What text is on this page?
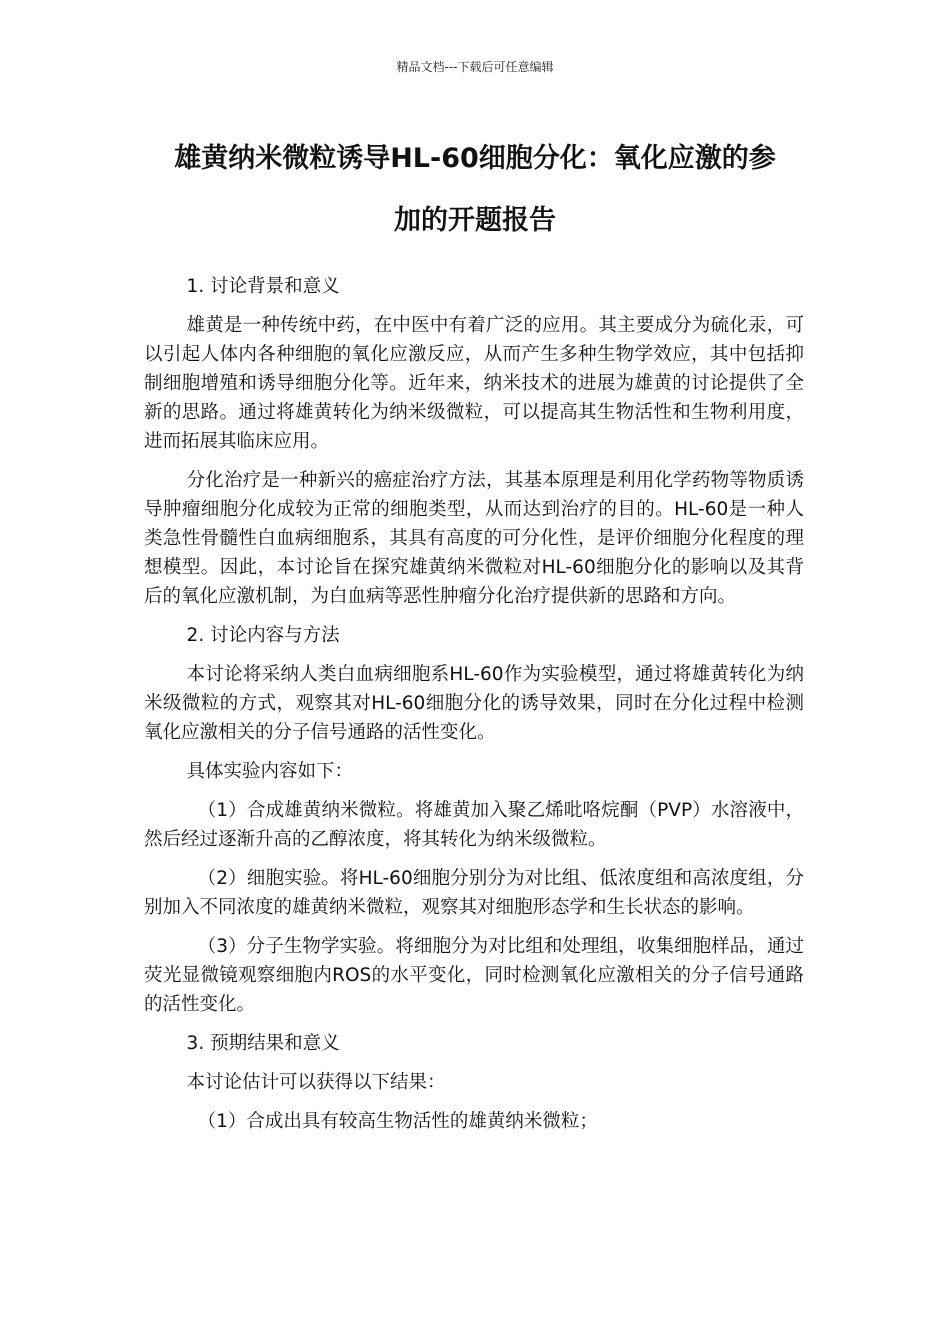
精品文档---下载后可任意编辑
雄黄纳米微粒诱导HL-60细胞分化：氧化应激的参
加的开题报告

1. 讨论背景和意义

雄黄是一种传统中药，在中医中有着广泛的应用。其主要成分为硫化汞，可以引起人体内各种细胞的氧化应激反应，从而产生多种生物学效应，其中包括抑制细胞增殖和诱导细胞分化等。近年来，纳米技术的进展为雄黄的讨论提供了全新的思路。通过将雄黄转化为纳米级微粒，可以提高其生物活性和生物利用度，进而拓展其临床应用。

分化治疗是一种新兴的癌症治疗方法，其基本原理是利用化学药物等物质诱导肿瘤细胞分化成较为正常的细胞类型，从而达到治疗的目的。HL-60是一种人类急性骨髓性白血病细胞系，其具有高度的可分化性，是评价细胞分化程度的理想模型。因此，本讨论旨在探究雄黄纳米微粒对HL-60细胞分化的影响以及其背后的氧化应激机制，为白血病等恶性肿瘤分化治疗提供新的思路和方向。

2. 讨论内容与方法

本讨论将采纳人类白血病细胞系HL-60作为实验模型，通过将雄黄转化为纳米级微粒的方式，观察其对HL-60细胞分化的诱导效果，同时在分化过程中检测氧化应激相关的分子信号通路的活性变化。

具体实验内容如下：

（1）合成雄黄纳米微粒。将雄黄加入聚乙烯吡咯烷酮（PVP）水溶液中，然后经过逐渐升高的乙醇浓度，将其转化为纳米级微粒。

（2）细胞实验。将HL-60细胞分别分为对比组、低浓度组和高浓度组，分别加入不同浓度的雄黄纳米微粒，观察其对细胞形态学和生长状态的影响。

（3）分子生物学实验。将细胞分为对比组和处理组，收集细胞样品，通过荧光显微镜观察细胞内ROS的水平变化，同时检测氧化应激相关的分子信号通路的活性变化。

3. 预期结果和意义

本讨论估计可以获得以下结果：

（1）合成出具有较高生物活性的雄黄纳米微粒；
